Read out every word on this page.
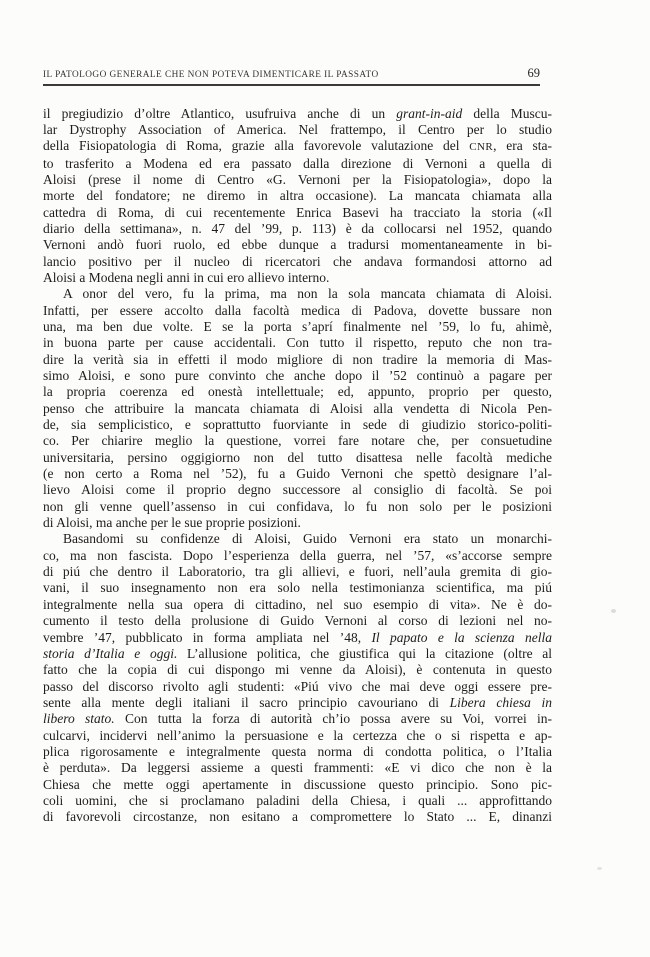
IL PATOLOGO GENERALE CHE NON POTEVA DIMENTICARE IL PASSATO	69
il pregiudizio d’oltre Atlantico, usufruiva anche di un grant-in-aid della Muscu-
lar Dystrophy Association of America. Nel frattempo, il Centro per lo studio
della Fisiopatologia di Roma, grazie alla favorevole valutazione del CNR, era sta-
to trasferito a Modena ed era passato dalla direzione di Vernoni a quella di
Aloisi (prese il nome di Centro «G. Vernoni per la Fisiopatologia», dopo la
morte del fondatore; ne diremo in altra occasione). La mancata chiamata alla
cattedra di Roma, di cui recentemente Enrica Basevi ha tracciato la storia («Il
diario della settimana», n. 47 del ’99, p. 113) è da collocarsi nel 1952, quando
Vernoni andò fuori ruolo, ed ebbe dunque a tradursi momentaneamente in bi-
lancio positivo per il nucleo di ricercatori che andava formandosi attorno ad
Aloisi a Modena negli anni in cui ero allievo interno.
A onor del vero, fu la prima, ma non la sola mancata chiamata di Aloisi.
Infatti, per essere accolto dalla facoltà medica di Padova, dovette bussare non
una, ma ben due volte. E se la porta s’aprí finalmente nel ’59, lo fu, ahimè,
in buona parte per cause accidentali. Con tutto il rispetto, reputo che non tra-
dire la verità sia in effetti il modo migliore di non tradire la memoria di Mas-
simo Aloisi, e sono pure convinto che anche dopo il ’52 continuò a pagare per
la propria coerenza ed onestà intellettuale; ed, appunto, proprio per questo,
penso che attribuire la mancata chiamata di Aloisi alla vendetta di Nicola Pen-
de, sia semplicistico, e soprattutto fuorviante in sede di giudizio storico-politi-
co. Per chiarire meglio la questione, vorrei fare notare che, per consuetudine
universitaria, persino oggigiorno non del tutto disattesa nelle facoltà mediche
(e non certo a Roma nel ’52), fu a Guido Vernoni che spettò designare l’al-
lievo Aloisi come il proprio degno successore al consiglio di facoltà. Se poi
non gli venne quell’assenso in cui confidava, lo fu non solo per le posizioni
di Aloisi, ma anche per le sue proprie posizioni.
Basandomi su confidenze di Aloisi, Guido Vernoni era stato un monarchi-
co, ma non fascista. Dopo l’esperienza della guerra, nel ’57, «s’accorse sempre
di piú che dentro il Laboratorio, tra gli allievi, e fuori, nell’aula gremita di gio-
vani, il suo insegnamento non era solo nella testimonianza scientifica, ma piú
integralmente nella sua opera di cittadino, nel suo esempio di vita». Ne è do-
cumento il testo della prolusione di Guido Vernoni al corso di lezioni nel no-
vembre ’47, pubblicato in forma ampliata nel ’48, Il papato e la scienza nella
storia d’Italia e oggi. L’allusione politica, che giustifica qui la citazione (oltre al
fatto che la copia di cui dispongo mi venne da Aloisi), è contenuta in questo
passo del discorso rivolto agli studenti: «Piú vivo che mai deve oggi essere pre-
sente alla mente degli italiani il sacro principio cavouriano di Libera chiesa in
libero stato. Con tutta la forza di autorità ch’io possa avere su Voi, vorrei in-
culcarvi, incidervi nell’animo la persuasione e la certezza che o si rispetta e ap-
plica rigorosamente e integralmente questa norma di condotta politica, o l’Italia
è perduta». Da leggersi assieme a questi frammenti: «E vi dico che non è la
Chiesa che mette oggi apertamente in discussione questo principio. Sono pic-
coli uomini, che si proclamano paladini della Chiesa, i quali ... approfittando
di favorevoli circostanze, non esitano a compromettere lo Stato ... E, dinanzi
